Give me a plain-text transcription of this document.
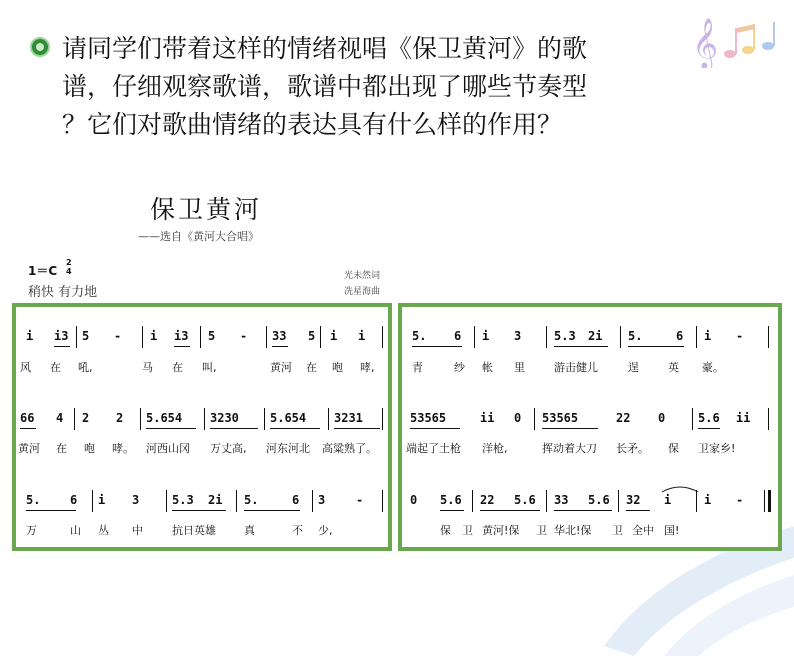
𝄞
请同学们带着这样的情绪视唱《保卫黄河》的歌
谱，仔细观察歌谱，歌谱中都出现了哪些节奏型
？它们对歌曲情绪的表达具有什么样的作用？
保卫黄河
——选自《黄河大合唱》
1＝C
2
4
稍快 有力地
光未然词
冼星海曲
i i3 5 - i i3 5 - 33 5 i i
风 在 吼,	马 在 叫,	黄河 在 咆 哮,
66 4 2 2 5.654 3230	5.654 3231
黄河 在 咆 哮。 河西山冈 万丈高, 河东河北 高粱熟了。
5. 6 i 3	5.3 2i 5.	6 3	-
万	山 丛 中	抗日英雄	真	不 少,
5. 6 i 3	5.3 2i 5.	6 i -
青	纱 帐 里	游击健儿	逞	英 豪。
53565	ii 0 53565	22 0	5.6 ii
端起了土枪 洋枪,	挥动着大刀 长矛。 保 卫家乡!
0 5.6 22 5.6 33 5.6 32 i	i -
保 卫 黄河!保 卫 华北!保 卫 全中 国!
